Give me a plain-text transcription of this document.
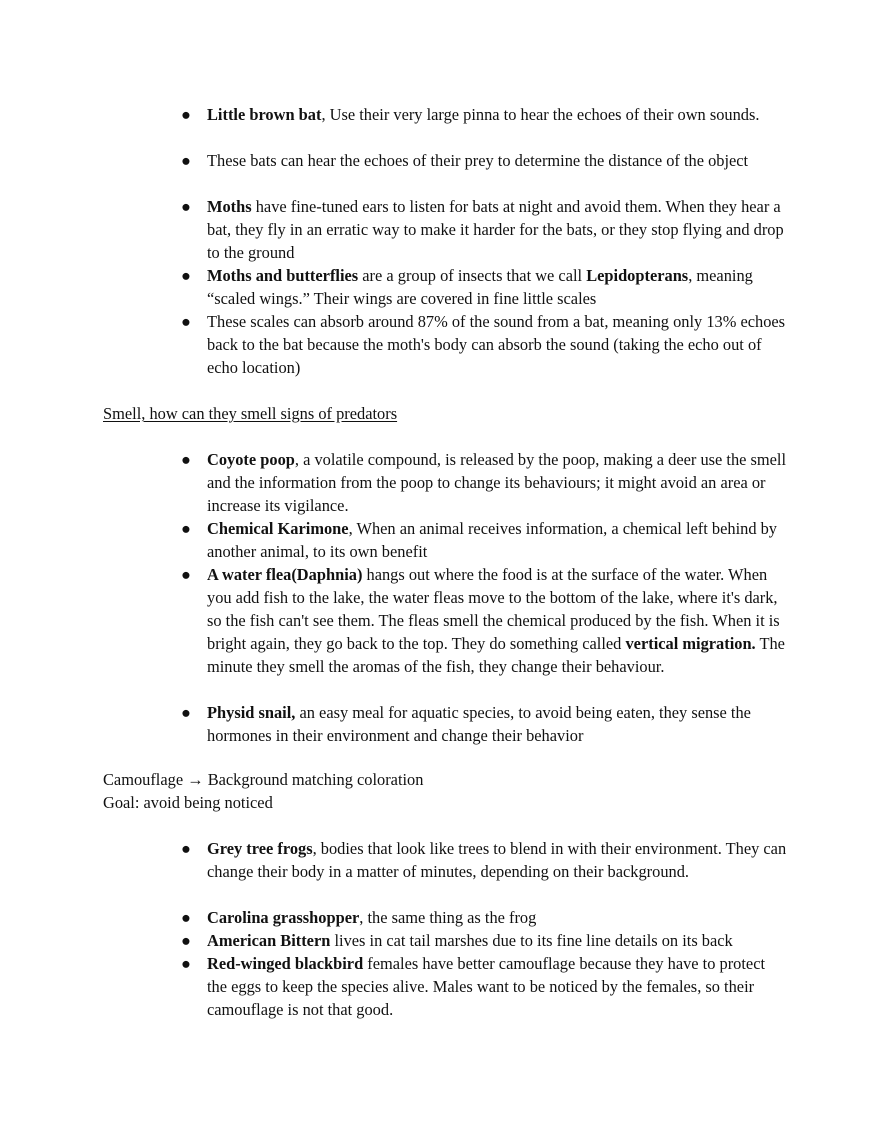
● Little brown bat, Use their very large pinna to hear the echoes of their own sounds.
● These bats can hear the echoes of their prey to determine the distance of the object
● Moths have fine-tuned ears to listen for bats at night and avoid them. When they hear a bat, they fly in an erratic way to make it harder for the bats, or they stop flying and drop to the ground
● Moths and butterflies are a group of insects that we call Lepidopterans, meaning “scaled wings.” Their wings are covered in fine little scales
● These scales can absorb around 87% of the sound from a bat, meaning only 13% echoes back to the bat because the moth's body can absorb the sound (taking the echo out of echo location)
Smell, how can they smell signs of predators
● Coyote poop, a volatile compound, is released by the poop, making a deer use the smell and the information from the poop to change its behaviours; it might avoid an area or increase its vigilance.
● Chemical Karimone, When an animal receives information, a chemical left behind by another animal, to its own benefit
● A water flea(Daphnia) hangs out where the food is at the surface of the water. When you add fish to the lake, the water fleas move to the bottom of the lake, where it's dark, so the fish can't see them. The fleas smell the chemical produced by the fish. When it is bright again, they go back to the top. They do something called vertical migration. The minute they smell the aromas of the fish, they change their behaviour.
● Physid snail, an easy meal for aquatic species, to avoid being eaten, they sense the hormones in their environment and change their behavior
Camouflage → Background matching coloration
Goal: avoid being noticed
● Grey tree frogs, bodies that look like trees to blend in with their environment. They can change their body in a matter of minutes, depending on their background.
● Carolina grasshopper, the same thing as the frog
● American Bittern lives in cat tail marshes due to its fine line details on its back
● Red-winged blackbird females have better camouflage because they have to protect the eggs to keep the species alive. Males want to be noticed by the females, so their camouflage is not that good.
